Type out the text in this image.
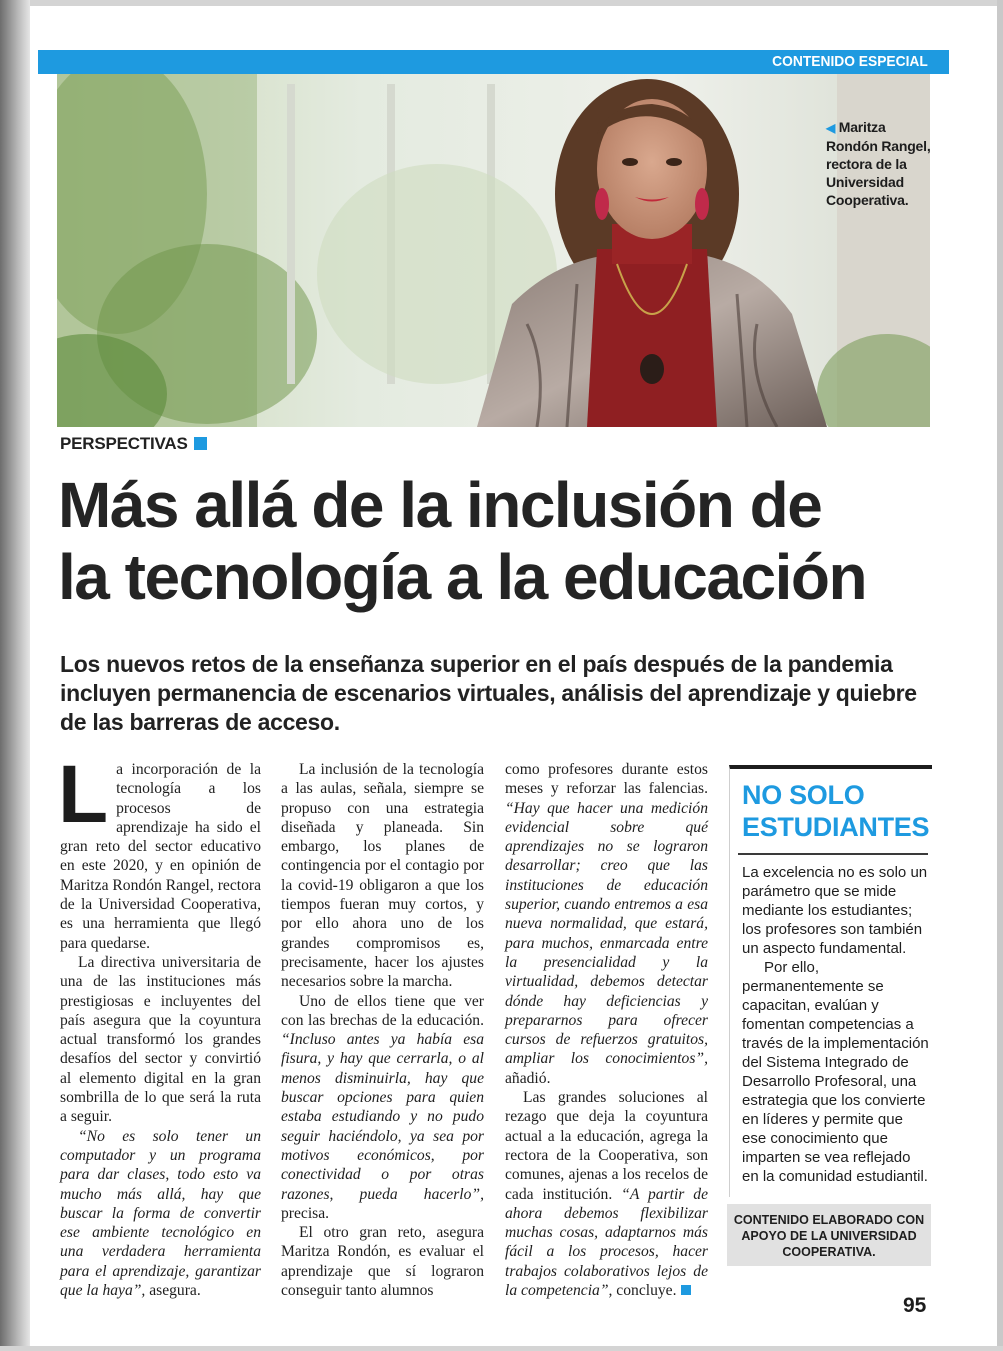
CONTENIDO ESPECIAL
◀ Maritza Rondón Rangel, rectora de la Universidad Cooperativa.
PERSPECTIVAS
Más allá de la inclusión de
la tecnología a la educación

Los nuevos retos de la enseñanza superior en el país después de la pandemia incluyen permanencia de escenarios virtuales, análisis del aprendizaje y quiebre de las barreras de acceso.

La incorporación de la tecnología a los procesos de aprendizaje ha sido el gran reto del sector educativo en este 2020, y en opinión de Maritza Rondón Rangel, rectora de la Universidad Cooperativa, es una herramienta que llegó para quedarse.

La directiva universitaria de una de las instituciones más prestigiosas e incluyentes del país asegura que la coyuntura actual transformó los grandes desafíos del sector y convirtió al elemento digital en la gran sombrilla de lo que será la ruta a seguir.

“No es solo tener un computador y un programa para dar clases, todo esto va mucho más allá, hay que buscar la forma de convertir ese ambiente tecnológico en una verdadera herramienta para el aprendizaje, garantizar que la haya”, asegura.

La inclusión de la tecnología a las aulas, señala, siempre se propuso con una estrategia diseñada y planeada. Sin embargo, los planes de contingencia por el contagio por la covid-19 obligaron a que los tiempos fueran muy cortos, y por ello ahora uno de los grandes compromisos es, precisamente, hacer los ajustes necesarios sobre la marcha.

Uno de ellos tiene que ver con las brechas de la educación. “Incluso antes ya había esa fisura, y hay que cerrarla, o al menos disminuirla, hay que buscar opciones para quien estaba estudiando y no pudo seguir haciéndolo, ya sea por motivos económicos, por conectividad o por otras razones, pueda hacerlo”, precisa.

El otro gran reto, asegura Maritza Rondón, es evaluar el aprendizaje que sí lograron conseguir tanto alumnos

como profesores durante estos meses y reforzar las falencias. “Hay que hacer una medición evidencial sobre qué aprendizajes no se lograron desarrollar; creo que las instituciones de educación superior, cuando entremos a esa nueva normalidad, que estará, para muchos, enmarcada entre la presencialidad y la virtualidad, debemos detectar dónde hay deficiencias y prepararnos para ofrecer cursos de refuerzos gratuitos, ampliar los conocimientos”, añadió.

Las grandes soluciones al rezago que deja la coyuntura actual a la educación, agrega la rectora de la Cooperativa, son comunes, ajenas a los recelos de cada institución. “A partir de ahora debemos flexibilizar muchas cosas, adaptarnos más fácil a los procesos, hacer trabajos colaborativos lejos de la competencia”, concluye.

NO SOLO ESTUDIANTES

La excelencia no es solo un parámetro que se mide mediante los estudiantes; los profesores son también un aspecto fundamental.

Por ello, permanentemente se capacitan, evalúan y fomentan competencias a través de la implementación del Sistema Integrado de Desarrollo Profesoral, una estrategia que los convierte en líderes y permite que ese conocimiento que imparten se vea reflejado en la comunidad estudiantil.

CONTENIDO ELABORADO CON APOYO DE LA UNIVERSIDAD COOPERATIVA.
95
